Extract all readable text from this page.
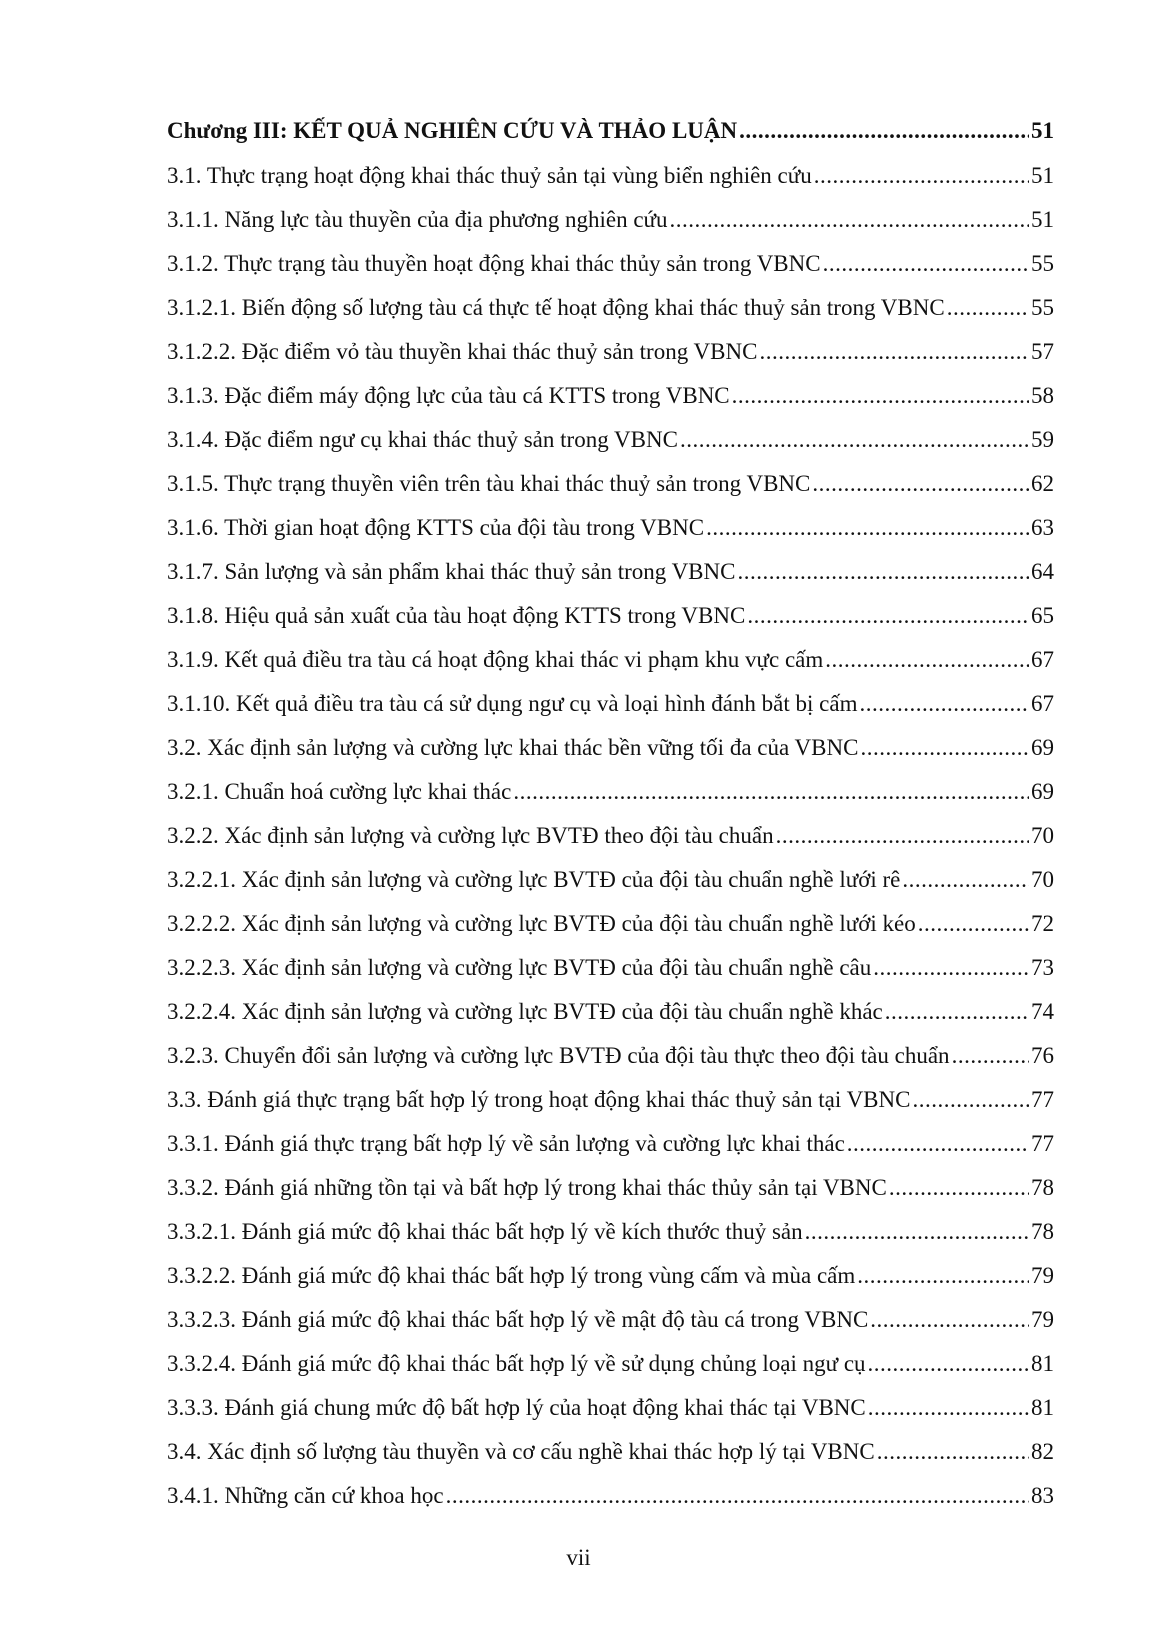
Chương III: KẾT QUẢ NGHIÊN CỨU VÀ THẢO LUẬN .....	51
3.1. Thực trạng hoạt động khai thác thuỷ sản tại vùng biển nghiên cứu .....	51
3.1.1. Năng lực tàu thuyền của địa phương nghiên cứu .....	51
3.1.2. Thực trạng tàu thuyền hoạt động khai thác thủy sản trong VBNC .....	55
3.1.2.1. Biến động số lượng tàu cá thực tế hoạt động khai thác thuỷ sản trong VBNC .....	55
3.1.2.2. Đặc điểm vỏ tàu thuyền khai thác thuỷ sản trong VBNC .....	57
3.1.3. Đặc điểm máy động lực của tàu cá KTTS trong VBNC .....	58
3.1.4. Đặc điểm ngư cụ khai thác thuỷ sản trong VBNC .....	59
3.1.5. Thực trạng thuyền viên trên tàu khai thác thuỷ sản trong VBNC .....	62
3.1.6. Thời gian hoạt động KTTS của đội tàu trong VBNC .....	63
3.1.7. Sản lượng và sản phẩm khai thác thuỷ sản trong VBNC .....	64
3.1.8. Hiệu quả sản xuất của tàu hoạt động KTTS trong VBNC .....	65
3.1.9. Kết quả điều tra tàu cá hoạt động khai thác vi phạm khu vực cấm .....	67
3.1.10. Kết quả điều tra tàu cá sử dụng ngư cụ và loại hình đánh bắt bị cấm .....	67
3.2. Xác định sản lượng và cường lực khai thác bền vững tối đa của VBNC .....	69
3.2.1. Chuẩn hoá cường lực khai thác .....	69
3.2.2. Xác định sản lượng và cường lực BVTĐ theo đội tàu chuẩn .....	70
3.2.2.1. Xác định sản lượng và cường lực BVTĐ của đội tàu chuẩn nghề lưới rê .....	70
3.2.2.2. Xác định sản lượng và cường lực BVTĐ của đội tàu chuẩn nghề lưới kéo .....	72
3.2.2.3. Xác định sản lượng và cường lực BVTĐ của đội tàu chuẩn nghề câu .....	73
3.2.2.4. Xác định sản lượng và cường lực BVTĐ của đội tàu chuẩn nghề khác .....	74
3.2.3. Chuyển đổi sản lượng và cường lực BVTĐ của đội tàu thực theo đội tàu chuẩn .....	76
3.3. Đánh giá thực trạng bất hợp lý trong hoạt động khai thác thuỷ sản tại VBNC .....	77
3.3.1. Đánh giá thực trạng bất hợp lý về sản lượng và cường lực khai thác .....	77
3.3.2. Đánh giá những tồn tại và bất hợp lý trong khai thác thủy sản tại VBNC .....	78
3.3.2.1. Đánh giá mức độ khai thác bất hợp lý về kích thước thuỷ sản .....	78
3.3.2.2. Đánh giá mức độ khai thác bất hợp lý trong vùng cấm và mùa cấm .....	79
3.3.2.3. Đánh giá mức độ khai thác bất hợp lý về mật độ tàu cá trong VBNC .....	79
3.3.2.4. Đánh giá mức độ khai thác bất hợp lý về sử dụng chủng loại ngư cụ .....	81
3.3.3. Đánh giá chung mức độ bất hợp lý của hoạt động khai thác tại VBNC .....	81
3.4. Xác định số lượng tàu thuyền và cơ cấu nghề khai thác hợp lý tại VBNC .....	82
3.4.1. Những căn cứ khoa học .....	83
vii
